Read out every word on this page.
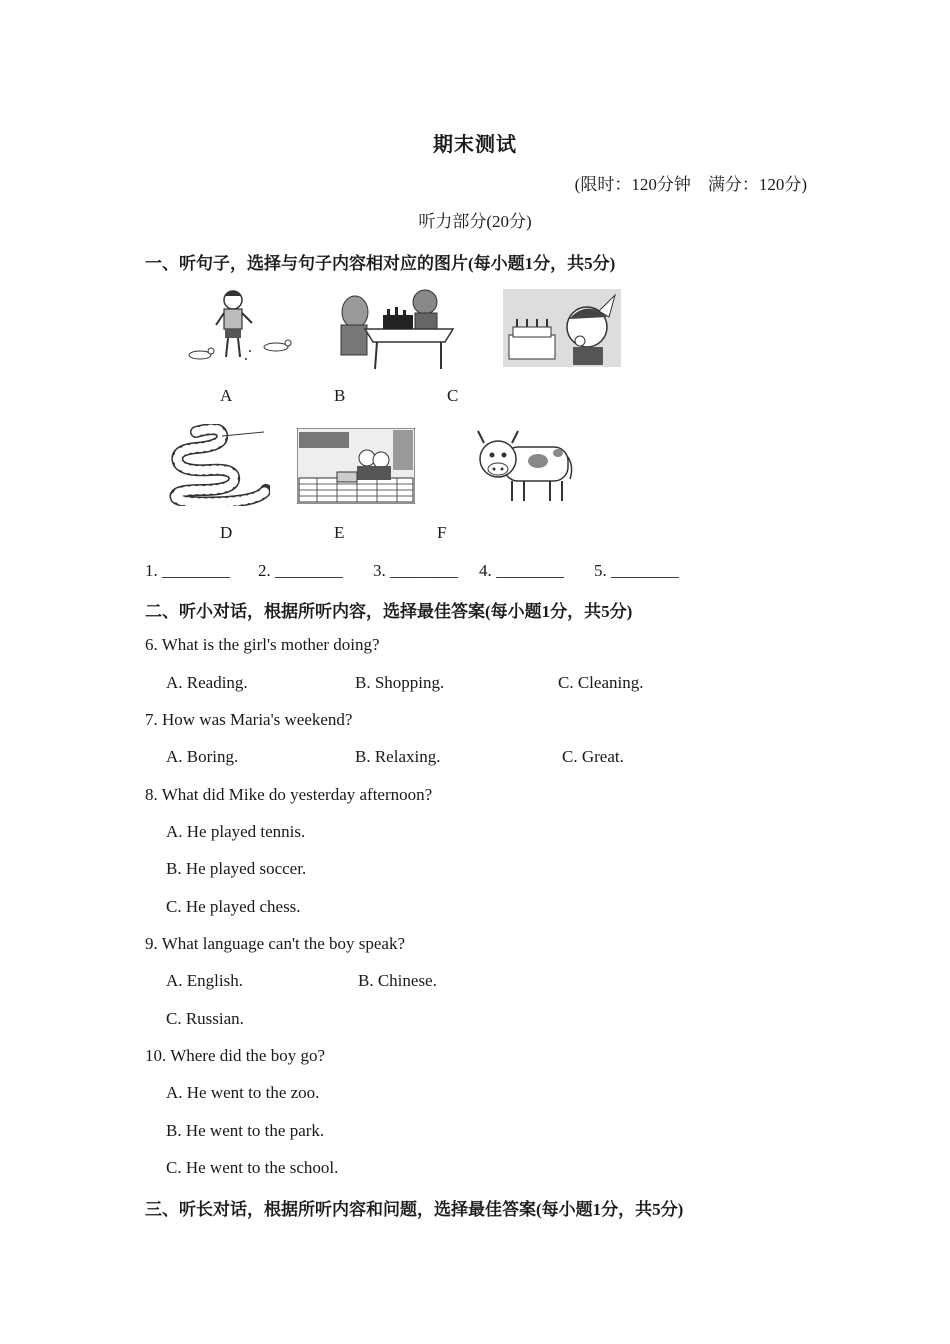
期末测试
(限时：120分钟　满分：120分)
听力部分(20分)
一、听句子，选择与句子内容相对应的图片(每小题1分，共5分)
A	B	C
D	E	F
1. ________ 2. ________ 3. ________ 4. ________ 5. ________
二、听小对话，根据所听内容，选择最佳答案(每小题1分，共5分)
6. What is the girl's mother doing?
A. Reading.	B. Shopping.	C. Cleaning.
7. How was Maria's weekend?
A. Boring.	B. Relaxing.	C. Great.
8. What did Mike do yesterday afternoon?
A. He played tennis.
B. He played soccer.
C. He played chess.
9. What language can't the boy speak?
A. English.	B. Chinese.
C. Russian.
10. Where did the boy go?
A. He went to the zoo.
B. He went to the park.
C. He went to the school.
三、听长对话，根据所听内容和问题，选择最佳答案(每小题1分，共5分)
